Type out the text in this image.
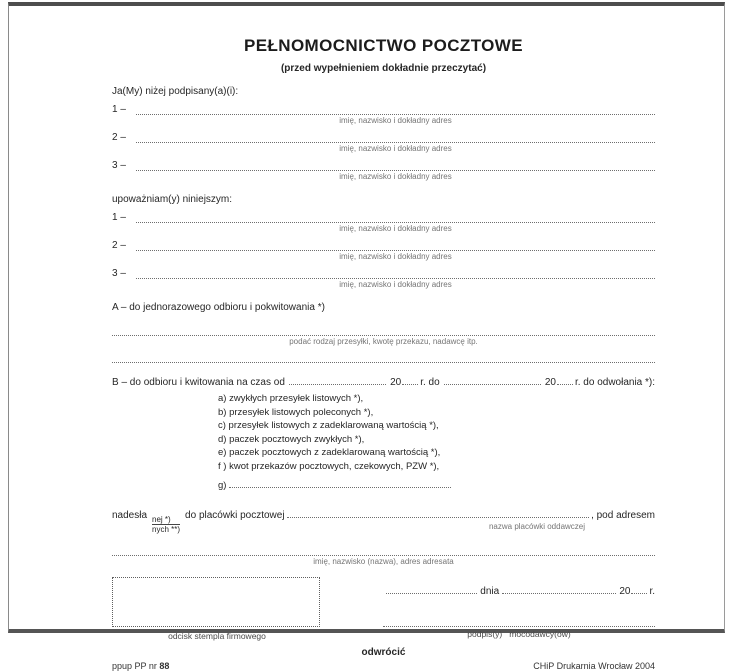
PEŁNOMOCNICTWO POCZTOWE
(przed wypełnieniem dokładnie przeczytać)
Ja(My) niżej podpisany(a)(i):
1 –
imię, nazwisko i dokładny adres
2 –
imię, nazwisko i dokładny adres
3 –
imię, nazwisko i dokładny adres
upoważniam(y) niniejszym:
1 –
imię, nazwisko i dokładny adres
2 –
imię, nazwisko i dokładny adres
3 –
imię, nazwisko i dokładny adres
A – do jednorazowego odbioru i pokwitowania *)
podać rodzaj przesyłki, kwotę przekazu, nadawcę itp.
B – do odbioru i kwitowania na czas od	20 r. do	20 r. do odwołania *):
a) zwykłych przesyłek listowych *),
b) przesyłek listowych poleconych *),
c) przesyłek listowych z zadeklarowaną wartością *),
d) paczek pocztowych zwykłych *),
e) paczek pocztowych z zadeklarowaną wartością *),
f ) kwot przekazów pocztowych, czekowych, PZW *),
g)
nadesła $\frac{\text{nej *)}}{\text{nych **)}}$ do placówki pocztowej	, pod adresem
nazwa placówki oddawczej
imię, nazwisko (nazwa), adres adresata
odcisk stempla firmowego
dnia	20 r.
podpis(y)   mocodawcy(ów)
odwrócić
ppup PP nr 88	CHiP Drukarnia Wrocław 2004
